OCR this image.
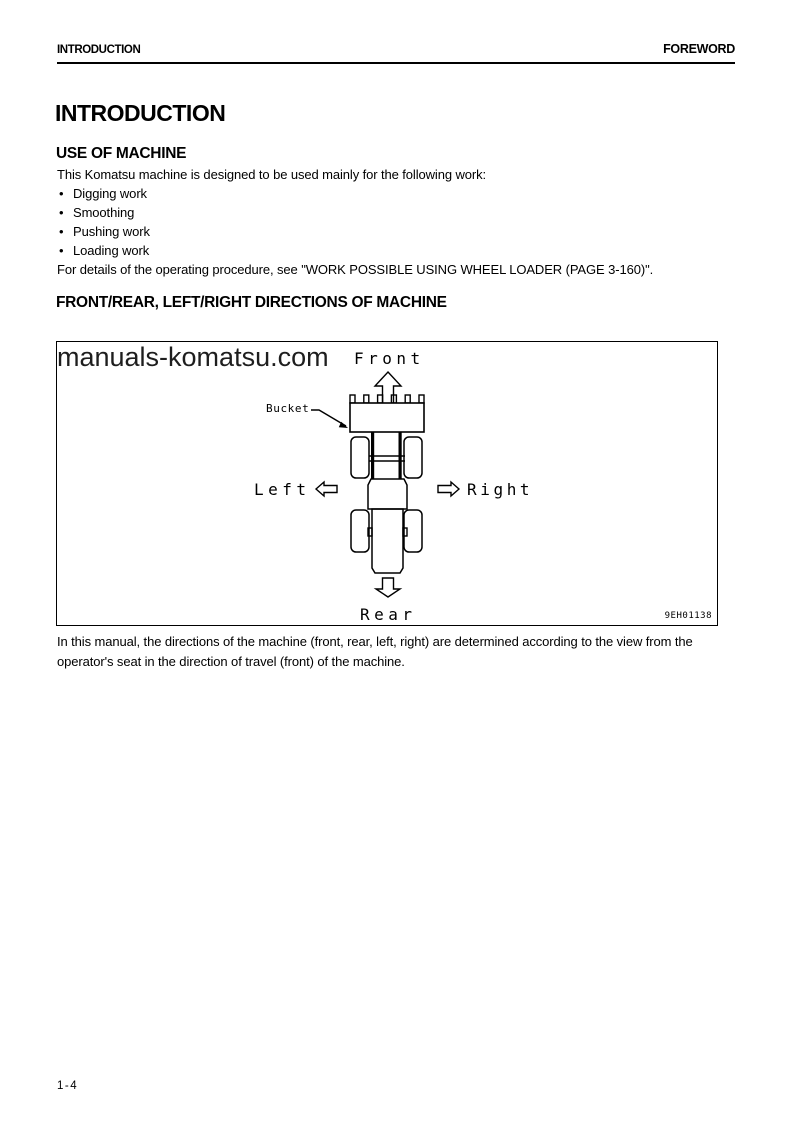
INTRODUCTION	FOREWORD
INTRODUCTION
USE OF MACHINE
This Komatsu machine is designed to be used mainly for the following work:
• Digging work
• Smoothing
• Pushing work
• Loading work
For details of the operating procedure, see "WORK POSSIBLE USING WHEEL LOADER (PAGE 3-160)".
FRONT/REAR, LEFT/RIGHT DIRECTIONS OF MACHINE
Front
manuals-komatsu.com
Rear
Left	Right
Bucket
9EH01138
In this manual, the directions of the machine (front, rear, left, right) are determined according to the view from the operator's seat in the direction of travel (front) of the machine.
1-4
